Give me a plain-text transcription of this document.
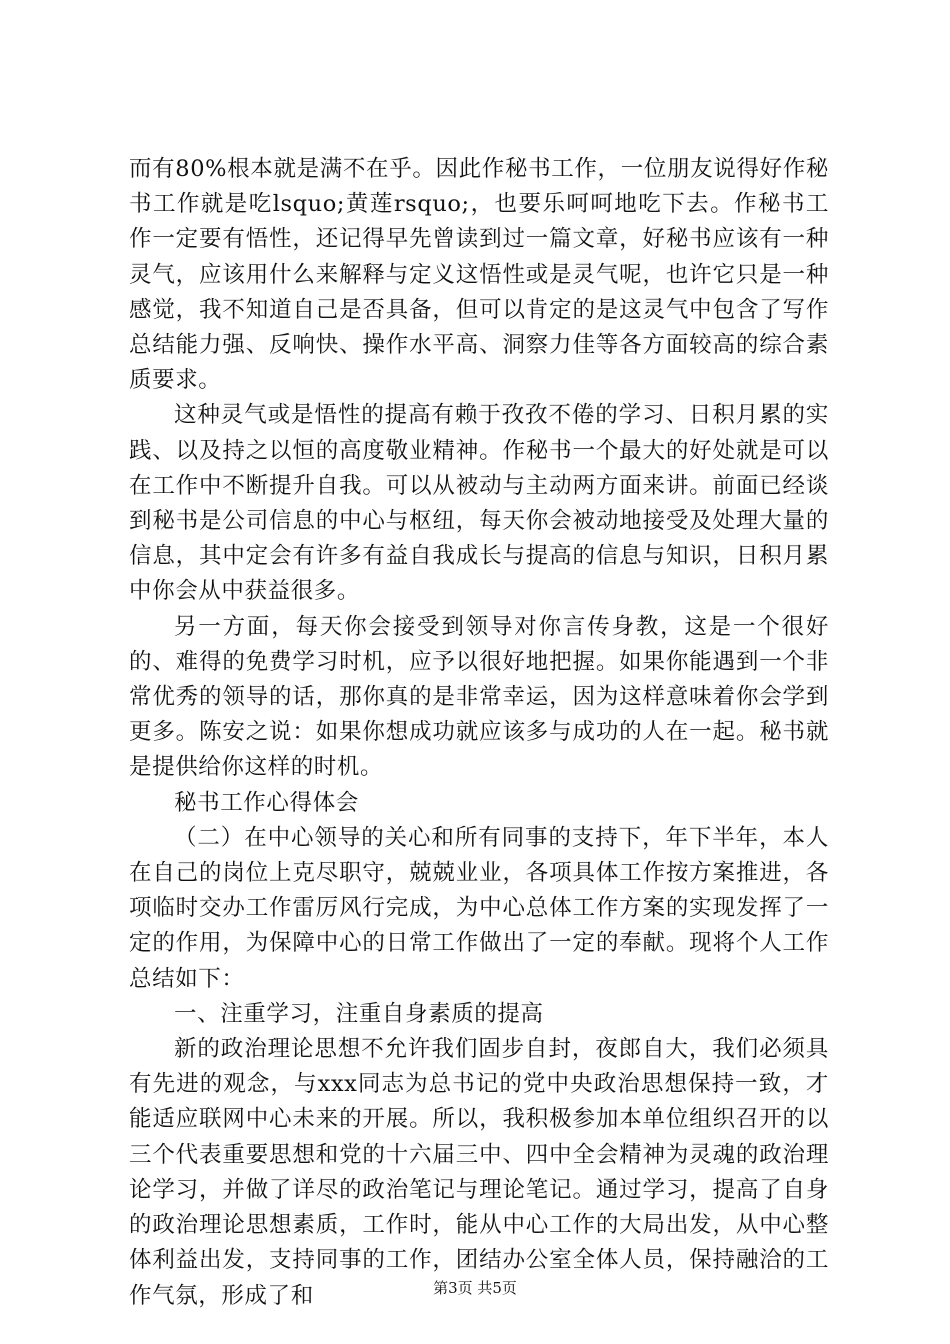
而有80%根本就是满不在乎。因此作秘书工作，一位朋友说得好作秘书工作就是吃lsquo;黄莲rsquo;，也要乐呵呵地吃下去。作秘书工作一定要有悟性，还记得早先曾读到过一篇文章，好秘书应该有一种灵气，应该用什么来解释与定义这悟性或是灵气呢，也许它只是一种感觉，我不知道自己是否具备，但可以肯定的是这灵气中包含了写作总结能力强、反响快、操作水平高、洞察力佳等各方面较高的综合素质要求。

这种灵气或是悟性的提高有赖于孜孜不倦的学习、日积月累的实践、以及持之以恒的高度敬业精神。作秘书一个最大的好处就是可以在工作中不断提升自我。可以从被动与主动两方面来讲。前面已经谈到秘书是公司信息的中心与枢纽，每天你会被动地接受及处理大量的信息，其中定会有许多有益自我成长与提高的信息与知识，日积月累中你会从中获益很多。

另一方面，每天你会接受到领导对你言传身教，这是一个很好的、难得的免费学习时机，应予以很好地把握。如果你能遇到一个非常优秀的领导的话，那你真的是非常幸运，因为这样意味着你会学到更多。陈安之说：如果你想成功就应该多与成功的人在一起。秘书就是提供给你这样的时机。

秘书工作心得体会

（二）在中心领导的关心和所有同事的支持下，年下半年，本人在自己的岗位上克尽职守，兢兢业业，各项具体工作按方案推进，各项临时交办工作雷厉风行完成，为中心总体工作方案的实现发挥了一定的作用，为保障中心的日常工作做出了一定的奉献。现将个人工作总结如下：

一、注重学习，注重自身素质的提高

新的政治理论思想不允许我们固步自封，夜郎自大，我们必须具有先进的观念，与xxx同志为总书记的党中央政治思想保持一致，才能适应联网中心未来的开展。所以，我积极参加本单位组织召开的以三个代表重要思想和党的十六届三中、四中全会精神为灵魂的政治理论学习，并做了详尽的政治笔记与理论笔记。通过学习，提高了自身的政治理论思想素质，工作时，能从中心工作的大局出发，从中心整体利益出发，支持同事的工作，团结办公室全体人员，保持融洽的工作气氛，形成了和	第3页 共5页
